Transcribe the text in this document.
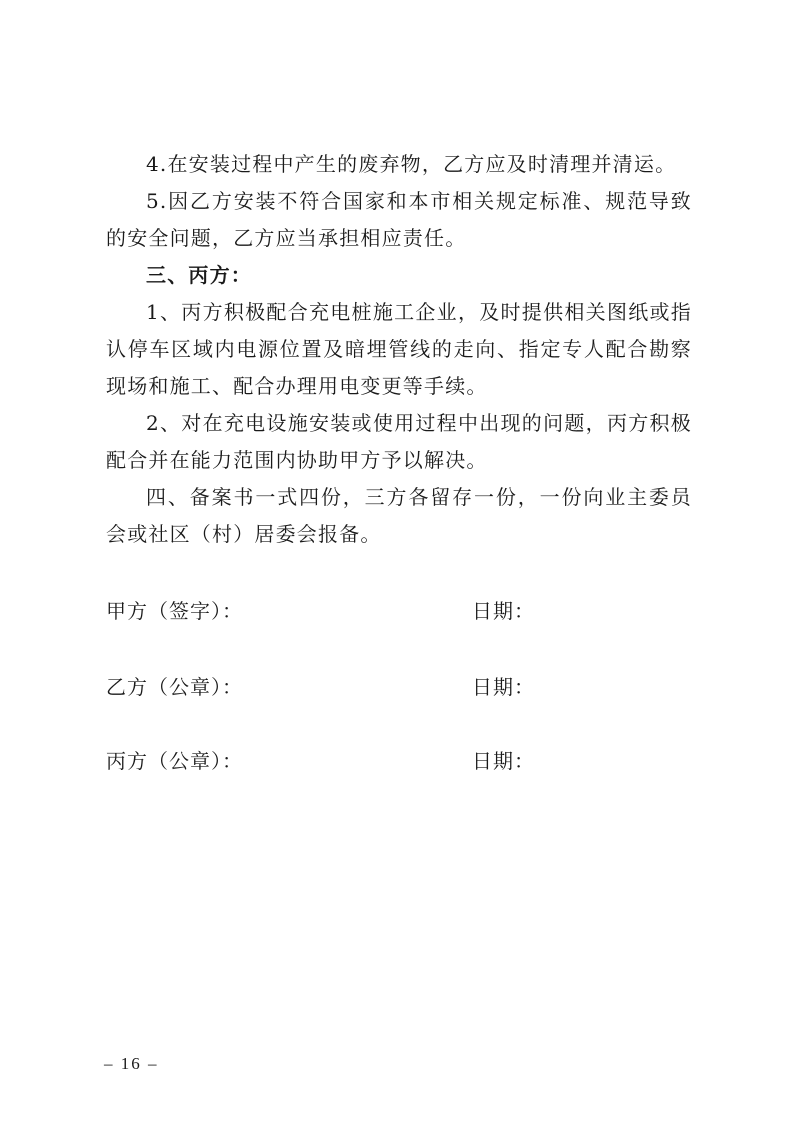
4.在安装过程中产生的废弃物，乙方应及时清理并清运。

5.因乙方安装不符合国家和本市相关规定标准、规范导致的安全问题，乙方应当承担相应责任。

三、丙方：

1、丙方积极配合充电桩施工企业，及时提供相关图纸或指认停车区域内电源位置及暗埋管线的走向、指定专人配合勘察现场和施工、配合办理用电变更等手续。

2、对在充电设施安装或使用过程中出现的问题，丙方积极配合并在能力范围内协助甲方予以解决。

四、备案书一式四份，三方各留存一份，一份向业主委员会或社区（村）居委会报备。

甲方（签字）：	日期：
乙方（公章）：	日期：
丙方（公章）：	日期：
– 16 –
